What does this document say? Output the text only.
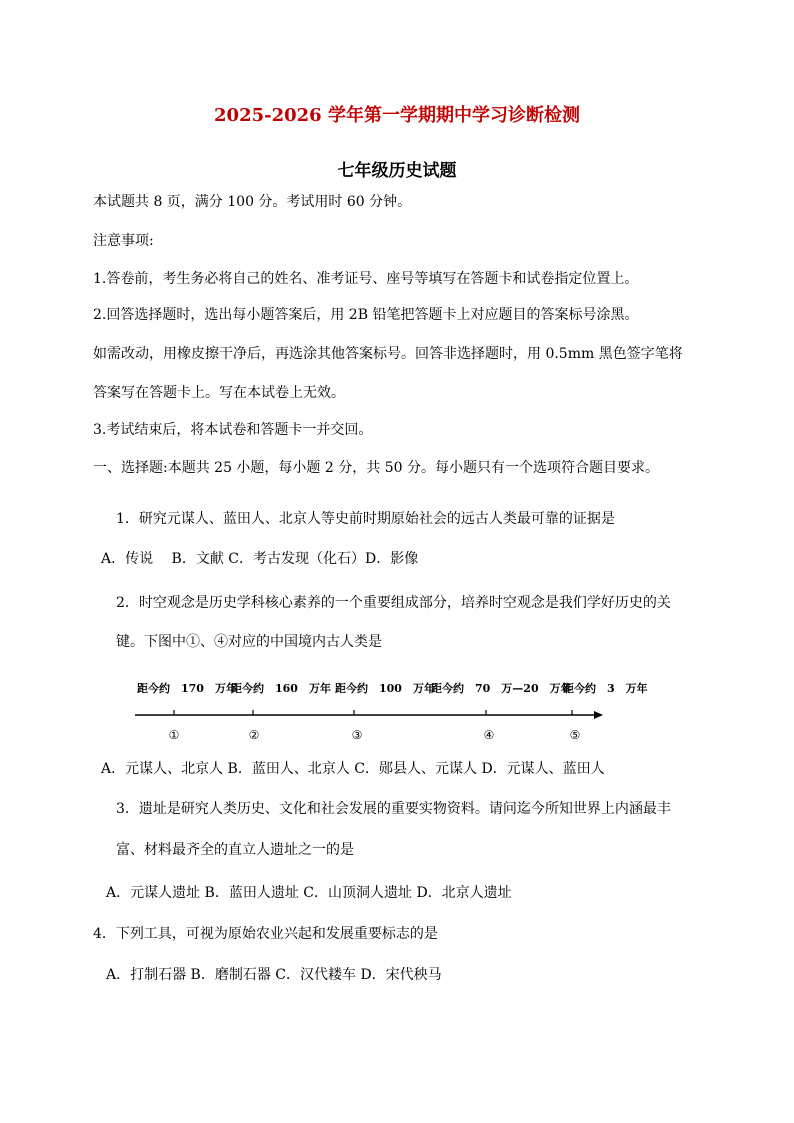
2025-2026 学年第一学期期中学习诊断检测
七年级历史试题
本试题共 8 页，满分 100 分。考试用时 60 分钟。
注意事项:
1.答卷前，考生务必将自己的姓名、准考证号、座号等填写在答题卡和试卷指定位置上。
2.回答选择题时，选出每小题答案后，用 2B 铅笔把答题卡上对应题目的答案标号涂黑。
如需改动，用橡皮擦干净后，再选涂其他答案标号。回答非选择题时，用 0.5mm 黑色签字笔将
答案写在答题卡上。写在本试卷上无效。
3.考试结束后，将本试卷和答题卡一并交回。
一、选择题:本题共 25 小题，每小题 2 分，共 50 分。每小题只有一个选项符合题目要求。
1．研究元谋人、蓝田人、北京人等史前时期原始社会的远古人类最可靠的证据是
A．传说　 B．文献 C．考古发现（化石）D．影像
2．时空观念是历史学科核心素养的一个重要组成部分，培养时空观念是我们学好历史的关
键。下图中①、④对应的中国境内古人类是
距今约　170　万年
距今约　160　万年 距今约　100　万年
距今约　70　万—20　万年
距今约　3　万年
①	②	③	④	⑤
A．元谋人、北京人 B．蓝田人、北京人 C．郧县人、元谋人 D．元谋人、蓝田人
3．遗址是研究人类历史、文化和社会发展的重要实物资料。请问迄今所知世界上内涵最丰
富、材料最齐全的直立人遗址之一的是
A．元谋人遗址 B．蓝田人遗址 C．山顶洞人遗址 D．北京人遗址
4．下列工具，可视为原始农业兴起和发展重要标志的是
A．打制石器 B．磨制石器 C．汉代耧车 D．宋代秧马
